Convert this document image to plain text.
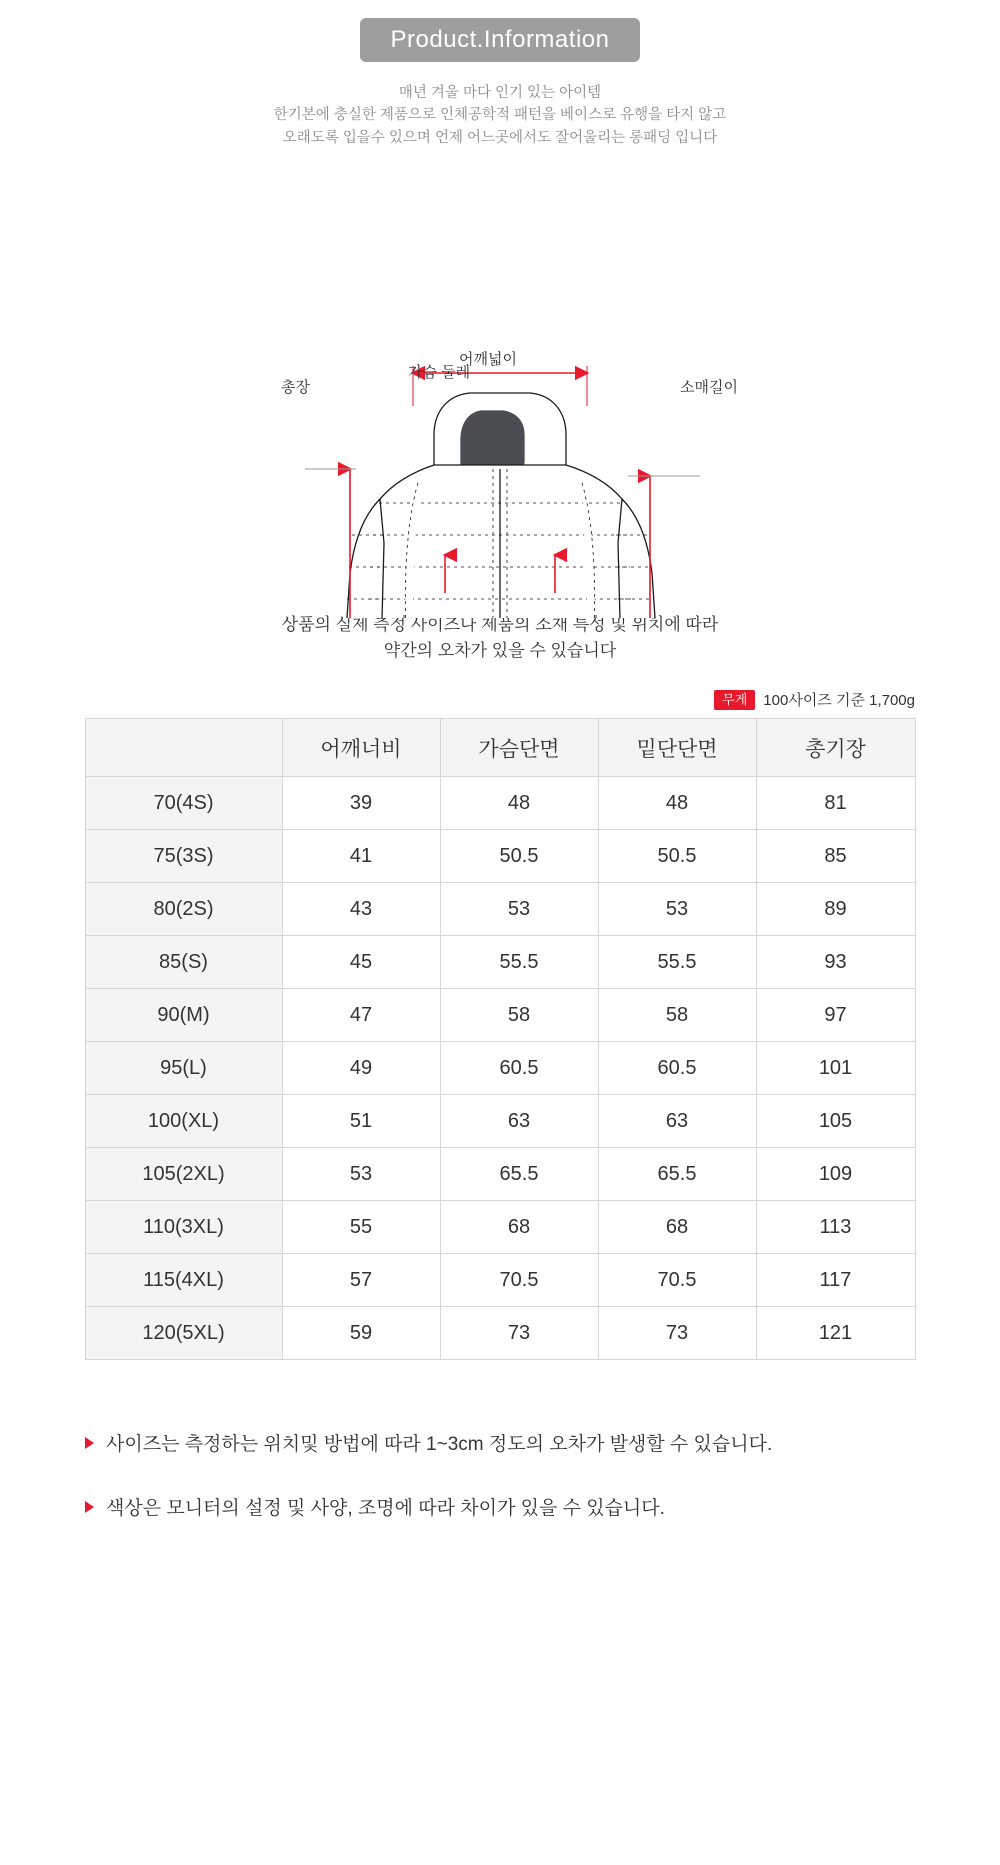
Product.Information
매년 겨울 마다 인기 있는 아이템
한기본에 충실한 제품으로 인체공학적 패턴을 베이스로 유행을 타지 않고
오래도록 입을수 있으며 언제 어느곳에서도 잘어울리는 롱패딩 입니다
어깨넓이
가슴 둘레
총장	소매길이
상품의 실제 측정 사이즈나 제품의 소재 특성 및 위치에 따라
약간의 오차가 있을 수 있습니다
무게	100사이즈 기준 1,700g
	어깨너비	가슴단면	밑단단면	총기장
70(4S)	39	48	48	81
75(3S)	41	50.5	50.5	85
80(2S)	43	53	53	89
85(S)	45	55.5	55.5	93
90(M)	47	58	58	97
95(L)	49	60.5	60.5	101
100(XL)	51	63	63	105
105(2XL)	53	65.5	65.5	109
110(3XL)	55	68	68	113
115(4XL)	57	70.5	70.5	117
120(5XL)	59	73	73	121
사이즈는 측정하는 위치및 방법에 따라 1~3cm 정도의 오차가 발생할 수 있습니다.
색상은 모니터의 설정 및 사양, 조명에 따라 차이가 있을 수 있습니다.
